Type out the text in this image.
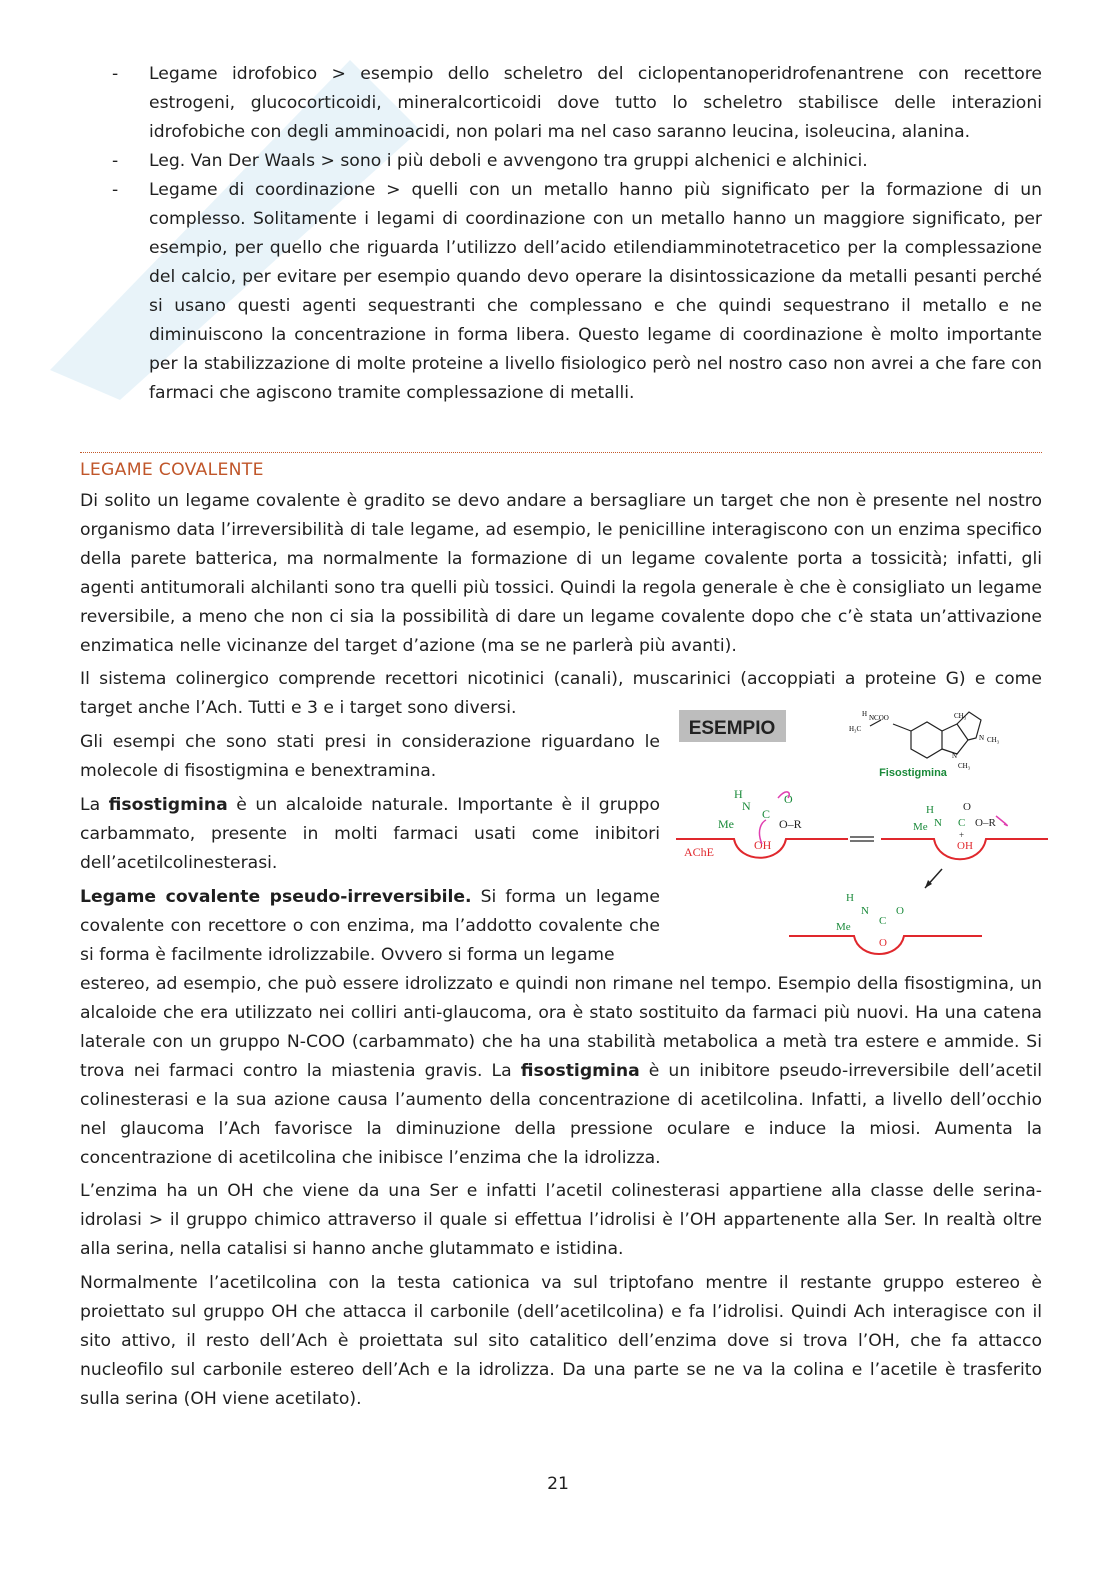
- Legame idrofobico > esempio dello scheletro del ciclopentanoperidrofenantrene con recettore estrogeni, glucocorticoidi, mineralcorticoidi dove tutto lo scheletro stabilisce delle interazioni idrofobiche con degli amminoacidi, non polari ma nel caso saranno leucina, isoleucina, alanina.
- Leg. Van Der Waals > sono i più deboli e avvengono tra gruppi alchenici e alchinici.
- Legame di coordinazione > quelli con un metallo hanno più significato per la formazione di un complesso. Solitamente i legami di coordinazione con un metallo hanno un maggiore significato, per esempio, per quello che riguarda l’utilizzo dell’acido etilendiamminotetracetico per la complessazione del calcio, per evitare per esempio quando devo operare la disintossicazione da metalli pesanti perché si usano questi agenti sequestranti che complessano e che quindi sequestrano il metallo e ne diminuiscono la concentrazione in forma libera. Questo legame di coordinazione è molto importante per la stabilizzazione di molte proteine a livello fisiologico però nel nostro caso non avrei a che fare con farmaci che agiscono tramite complessazione di metalli.
LEGAME COVALENTE

Di solito un legame covalente è gradito se devo andare a bersagliare un target che non è presente nel nostro organismo data l’irreversibilità di tale legame, ad esempio, le penicilline interagiscono con un enzima specifico della parete batterica, ma normalmente la formazione di un legame covalente porta a tossicità; infatti, gli agenti antitumorali alchilanti sono tra quelli più tossici. Quindi la regola generale è che è consigliato un legame reversibile, a meno che non ci sia la possibilità di dare un legame covalente dopo che c’è stata un’attivazione enzimatica nelle vicinanze del target d’azione (ma se ne parlerà più avanti).

Il sistema colinergico comprende recettori nicotinici (canali), muscarinici (accoppiati a proteine G) e come target anche l’Ach. Tutti e 3 e i target sono diversi.

Gli esempi che sono stati presi in considerazione riguardano le molecole di fisostigmina e benextramina.

La fisostigmina è un alcaloide naturale. Importante è il gruppo carbammato, presente in molti farmaci usati come inibitori dell’acetilcolinesterasi.

Legame covalente pseudo-irreversibile. Si forma un legame covalente con recettore o con enzima, ma l’addotto covalente che si forma è facilmente idrolizzabile. Ovvero si forma un legame

estereo, ad esempio, che può essere idrolizzato e quindi non rimane nel tempo. Esempio della fisostigmina, un alcaloide che era utilizzato nei colliri anti-glaucoma, ora è stato sostituito da farmaci più nuovi. Ha una catena laterale con un gruppo N-COO (carbammato) che ha una stabilità metabolica a metà tra estere e ammide. Si trova nei farmaci contro la miastenia gravis. La fisostigmina è un inibitore pseudo-irreversibile dell’acetil colinesterasi e la sua azione causa l’aumento della concentrazione di acetilcolina. Infatti, a livello dell’occhio nel glaucoma l’Ach favorisce la diminuzione della pressione oculare e induce la miosi. Aumenta la concentrazione di acetilcolina che inibisce l’enzima che la idrolizza.

L’enzima ha un OH che viene da una Ser e infatti l’acetil colinesterasi appartiene alla classe delle serina-idrolasi > il gruppo chimico attraverso il quale si effettua l’idrolisi è l’OH appartenente alla Ser. In realtà oltre alla serina, nella catalisi si hanno anche glutammato e istidina.

Normalmente l’acetilcolina con la testa cationica va sul triptofano mentre il restante gruppo estereo è proiettato sul gruppo OH che attacca il carbonile (dell’acetilcolina) e fa l’idrolisi. Quindi Ach interagisce con il sito attivo, il resto dell’Ach è proiettata sul sito catalitico dell’enzima dove si trova l’OH, che fa attacco nucleofilo sul carbonile estereo dell’Ach e la idrolizza. Da una parte se ne va la colina e l’acetile è trasferito sulla serina (OH viene acetilato).

ESEMPIO	H₃C
H NCOO	CH₃
N CH₃
N
CH₃
Fisostigmina
AChE
H
N
C
O
Me	O–R
OH
H
Me N C
O
O–R
+
OH
H
Me
N
C
O
O
21
